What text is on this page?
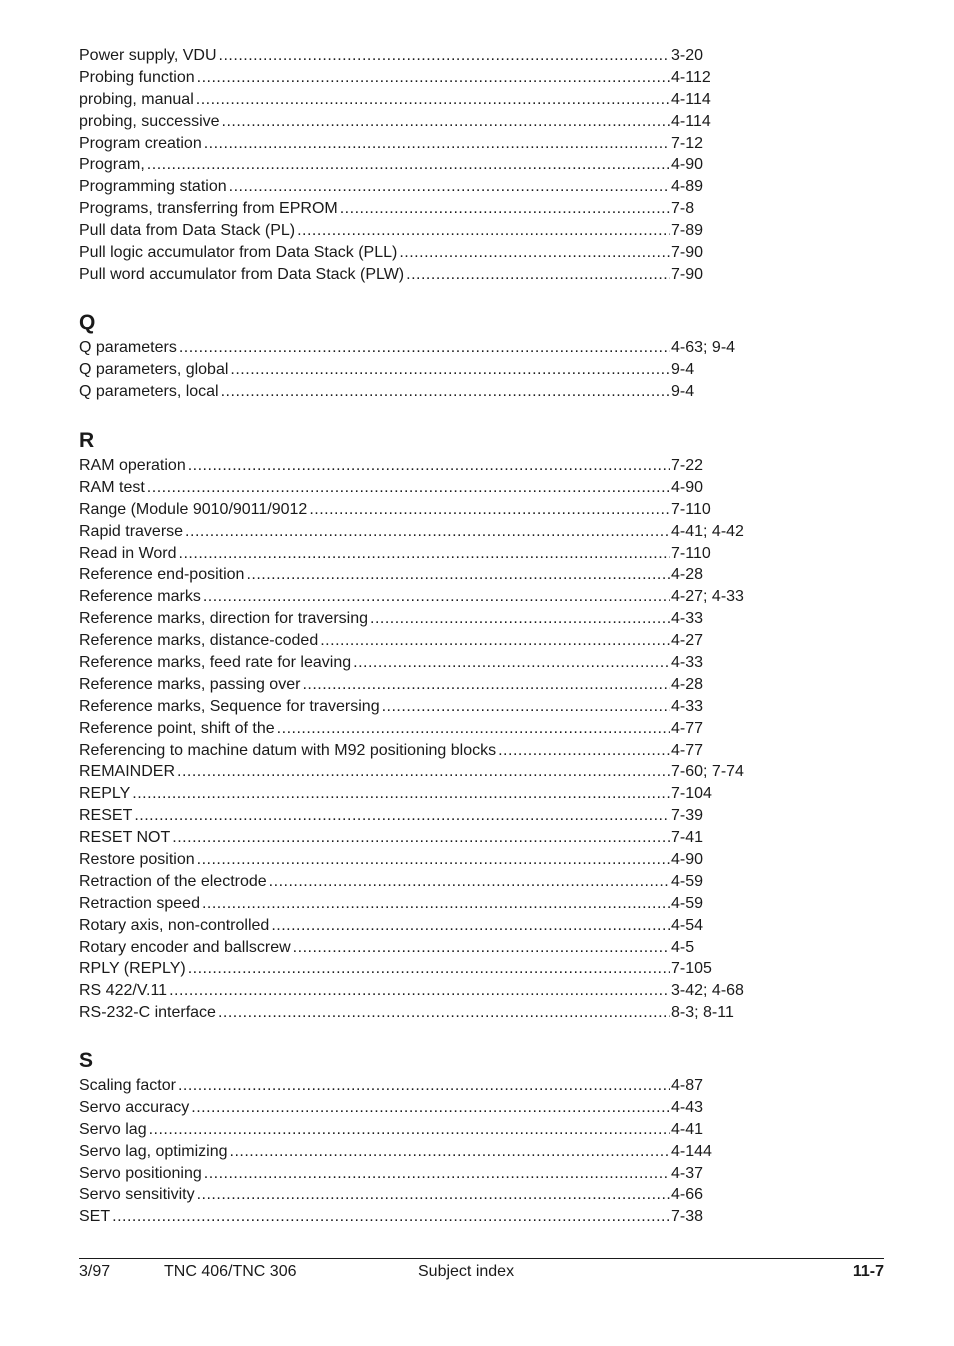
Power supply, VDU .....	3-20
Probing function .....	4-112
probing, manual .....	4-114
probing, successive .....	4-114
Program creation .....	7-12
Program, .....	4-90
Programming station .....	4-89
Programs, transferring from EPROM .....	7-8
Pull data from Data Stack (PL) .....	7-89
Pull logic accumulator from Data Stack (PLL) .....	7-90
Pull word accumulator from Data Stack (PLW) .....	7-90
Q
Q parameters .....	4-63; 9-4
Q parameters, global .....	9-4
Q parameters, local .....	9-4
R
RAM operation .....	7-22
RAM test .....	4-90
Range (Module 9010/9011/9012 .....	7-110
Rapid traverse .....	4-41; 4-42
Read in Word .....	7-110
Reference end-position .....	4-28
Reference marks .....	4-27; 4-33
Reference marks, direction for traversing .....	4-33
Reference marks, distance-coded .....	4-27
Reference marks, feed rate for leaving .....	4-33
Reference marks, passing over .....	4-28
Reference marks, Sequence for traversing .....	4-33
Reference point, shift of the .....	4-77
Referencing to machine datum with M92 positioning blocks .....	4-77
REMAINDER .....	7-60; 7-74
REPLY .....	7-104
RESET .....	7-39
RESET NOT .....	7-41
Restore position .....	4-90
Retraction of the electrode .....	4-59
Retraction speed .....	4-59
Rotary axis, non-controlled .....	4-54
Rotary encoder and ballscrew .....	4-5
RPLY (REPLY) .....	7-105
RS 422/V.11 .....	3-42; 4-68
RS-232-C interface .....	8-3; 8-11
S
Scaling factor .....	4-87
Servo accuracy .....	4-43
Servo lag .....	4-41
Servo lag, optimizing .....	4-144
Servo positioning .....	4-37
Servo sensitivity .....	4-66
SET .....	7-38
3/97	TNC 406/TNC 306	Subject index	11-7
